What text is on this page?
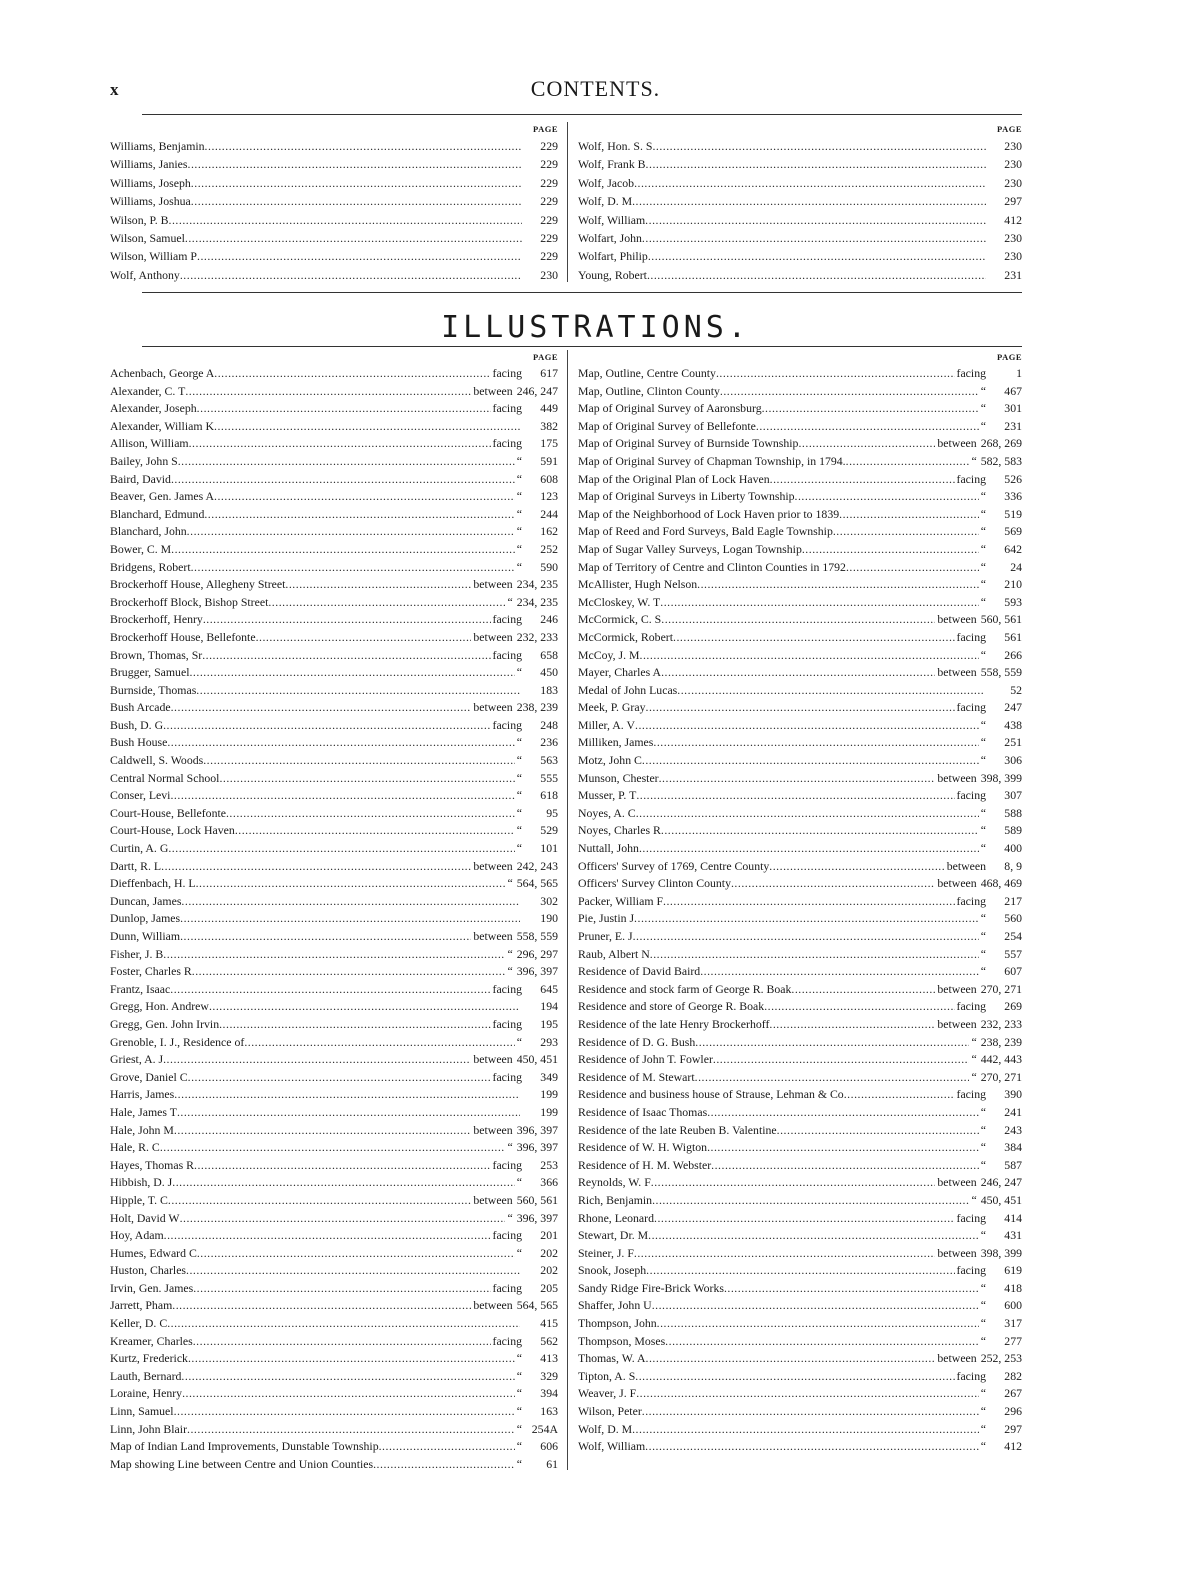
x	CONTENTS.
PAGE
Williams, Benjamin .....	229
Williams, Janies .....	229
Williams, Joseph .....	229
Williams, Joshua .....	229
Wilson, P. B .....	229
Wilson, Samuel .....	229
Wilson, William P .....	229
Wolf, Anthony .....	230
PAGE
Wolf, Hon. S. S .....	230
Wolf, Frank B .....	230
Wolf, Jacob .....	230
Wolf, D. M .....	297
Wolf, William .....	412
Wolfart, John .....	230
Wolfart, Philip .....	230
Young, Robert .....	231
ILLUSTRATIONS.
PAGE
Achenbach, George A .....	facing	617
Alexander, C. T .....	between 246, 247
Alexander, Joseph .....	facing	449
Alexander, William K .....	382
Allison, William .....	facing	175
Bailey, John S .....	“	591
Baird, David .....	“	608
Beaver, Gen. James A .....	“	123
Blanchard, Edmund .....	“	244
Blanchard, John .....	“	162
Bower, C. M .....	“	252
Bridgens, Robert .....	“	590
Brockerhoff House, Allegheny Street .....	between 234, 235
Brockerhoff Block, Bishop Street .....	“ 234, 235
Brockerhoff, Henry .....	facing	246
Brockerhoff House, Bellefonte .....	between 232, 233
Brown, Thomas, Sr .....	facing	658
Brugger, Samuel .....	“	450
Burnside, Thomas .....	183
Bush Arcade .....	between 238, 239
Bush, D. G .....	facing	248
Bush House .....	“	236
Caldwell, S. Woods .....	“	563
Central Normal School .....	“	555
Conser, Levi .....	“	618
Court-House, Bellefonte .....	“	95
Court-House, Lock Haven .....	“	529
Curtin, A. G .....	“	101
Dartt, R. L .....	between 242, 243
Dieffenbach, H. L .....	“ 564, 565
Duncan, James .....	302
Dunlop, James .....	190
Dunn, William .....	between 558, 559
Fisher, J. B .....	“ 296, 297
Foster, Charles R .....	“ 396, 397
Frantz, Isaac .....	facing	645
Gregg, Hon. Andrew .....	194
Gregg, Gen. John Irvin .....	facing	195
Grenoble, I. J., Residence of .....	“	293
Griest, A. J .....	between 450, 451
Grove, Daniel C .....	facing	349
Harris, James .....	199
Hale, James T .....	199
Hale, John M .....	between 396, 397
Hale, R. C .....	“ 396, 397
Hayes, Thomas R .....	facing	253
Hibbish, D. J .....	“	366
Hipple, T. C .....	between 560, 561
Holt, David W .....	“ 396, 397
Hoy, Adam .....	facing	201
Humes, Edward C .....	“	202
Huston, Charles .....	202
Irvin, Gen. James .....	facing	205
Jarrett, Pham .....	between 564, 565
Keller, D. C .....	415
Kreamer, Charles .....	facing	562
Kurtz, Frederick .....	“	413
Lauth, Bernard .....	“	329
Loraine, Henry .....	“	394
Linn, Samuel .....	“	163
Linn, John Blair .....	“ 254A
Map of Indian Land Improvements, Dunstable Township .....	“	606
Map showing Line between Centre and Union Counties .....	“	61
PAGE
Map, Outline, Centre County .....	facing	1
Map, Outline, Clinton County .....	“	467
Map of Original Survey of Aaronsburg .....	“	301
Map of Original Survey of Bellefonte .....	“	231
Map of Original Survey of Burnside Township .....	between 268, 269
Map of Original Survey of Chapman Township, in 1794. .....	“ 582, 583
Map of the Original Plan of Lock Haven .....	facing	526
Map of Original Surveys in Liberty Township .....	“	336
Map of the Neighborhood of Lock Haven prior to 1839 .....	“	519
Map of Reed and Ford Surveys, Bald Eagle Township .....	“	569
Map of Sugar Valley Surveys, Logan Township .....	“	642
Map of Territory of Centre and Clinton Counties in 1792 .....	“	24
McAllister, Hugh Nelson .....	“	210
McCloskey, W. T .....	“	593
McCormick, C. S .....	between 560, 561
McCormick, Robert .....	facing	561
McCoy, J. M .....	“	266
Mayer, Charles A .....	between 558, 559
Medal of John Lucas .....	52
Meek, P. Gray .....	facing	247
Miller, A. V .....	“	438
Milliken, James .....	“	251
Motz, John C .....	“	306
Munson, Chester .....	between 398, 399
Musser, P. T .....	facing	307
Noyes, A. C .....	“	588
Noyes, Charles R .....	“	589
Nuttall, John .....	“	400
Officers' Survey of 1769, Centre County .....	between	8, 9
Officers' Survey Clinton County .....	between 468, 469
Packer, William F .....	facing	217
Pie, Justin J .....	“	560
Pruner, E. J .....	“	254
Raub, Albert N .....	“	557
Residence of David Baird .....	“	607
Residence and stock farm of George R. Boak .....	between 270, 271
Residence and store of George R. Boak .....	facing	269
Residence of the late Henry Brockerhoff .....	between 232, 233
Residence of D. G. Bush .....	“ 238, 239
Residence of John T. Fowler .....	“ 442, 443
Residence of M. Stewart .....	“ 270, 271
Residence and business house of Strause, Lehman & Co .....	facing	390
Residence of Isaac Thomas .....	“	241
Residence of the late Reuben B. Valentine .....	“	243
Residence of W. H. Wigton .....	“	384
Residence of H. M. Webster .....	“	587
Reynolds, W. F .....	between 246, 247
Rich, Benjamin .....	“ 450, 451
Rhone, Leonard .....	facing	414
Stewart, Dr. M .....	“	431
Steiner, J. F .....	between 398, 399
Snook, Joseph .....	facing	619
Sandy Ridge Fire-Brick Works .....	“	418
Shaffer, John U .....	“	600
Thompson, John .....	“	317
Thompson, Moses .....	“	277
Thomas, W. A .....	between 252, 253
Tipton, A. S .....	facing	282
Weaver, J. F .....	“	267
Wilson, Peter .....	“	296
Wolf, D. M .....	“	297
Wolf, William .....	“	412
